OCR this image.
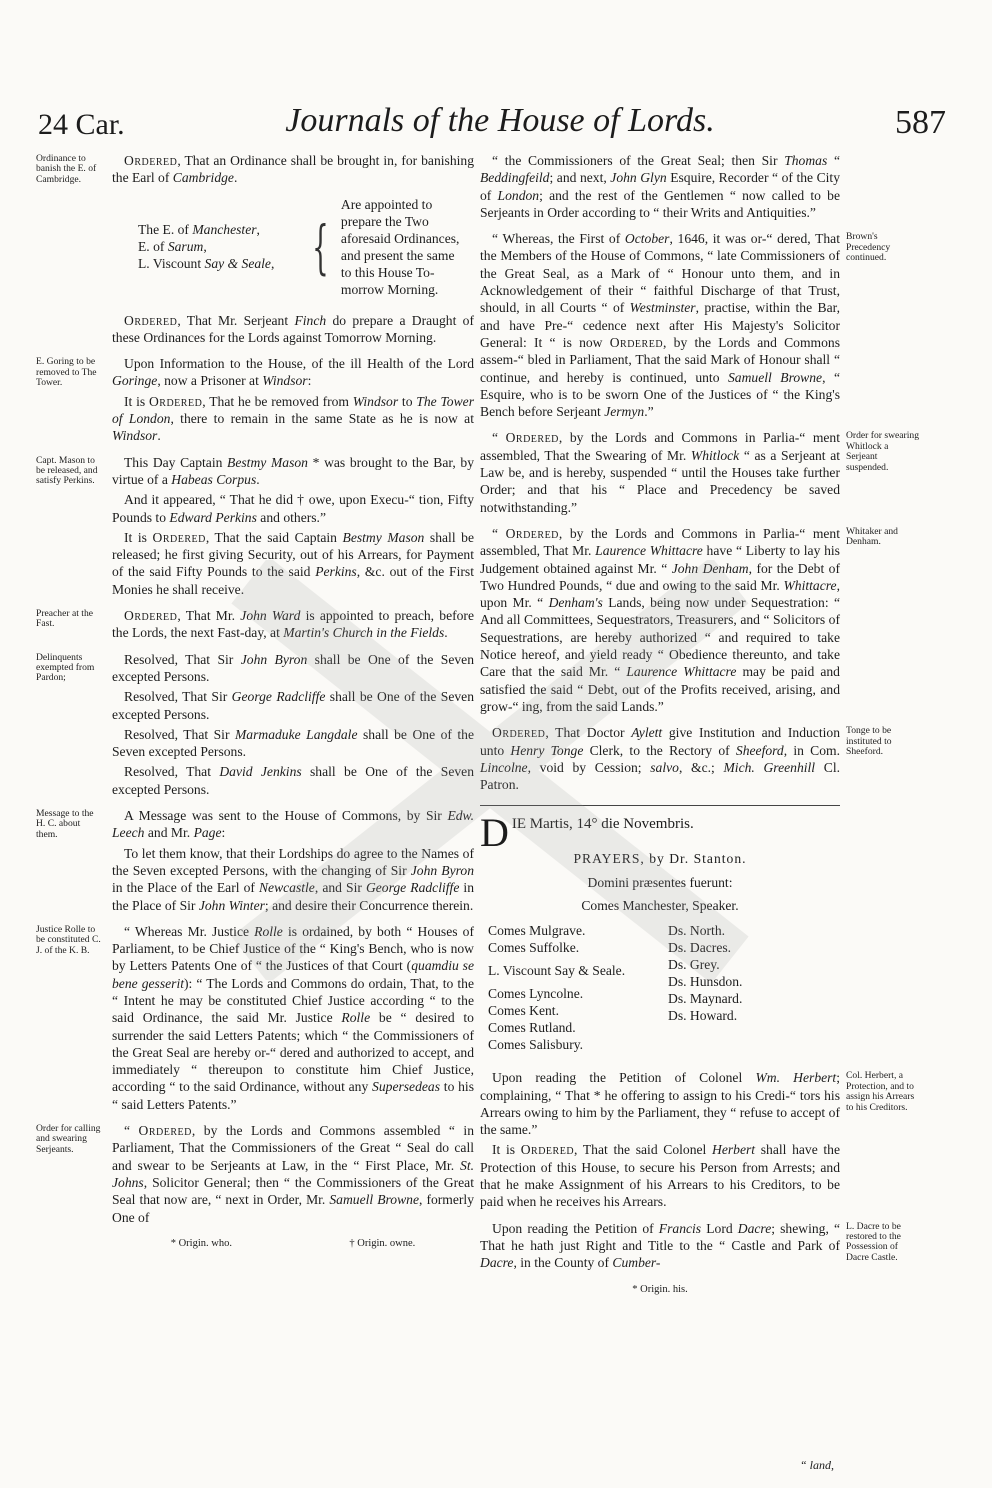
24 Car.	Journals of the House of Lords.	587
Ordinance to banish the E. of Cambridge.

Ordered, That an Ordinance shall be brought in, for banishing the Earl of Cambridge.

The E. of Manchester,
E. of Sarum,
L. Viscount Say & Seale, {
Are appointed to prepare the Two aforesaid Ordinances, and present the same to this House To-morrow Morning.

Ordered, That Mr. Serjeant Finch do prepare a Draught of these Ordinances for the Lords against Tomorrow Morning.

E. Goring to be removed to The Tower.

Upon Information to the House, of the ill Health of the Lord Goringe, now a Prisoner at Windsor:

It is Ordered, That he be removed from Windsor to The Tower of London, there to remain in the same State as he is now at Windsor.

Capt. Mason to be released, and satisfy Perkins.

This Day Captain Bestmy Mason * was brought to the Bar, by virtue of a Habeas Corpus.

And it appeared, “ That he did † owe, upon Execu-“ tion, Fifty Pounds to Edward Perkins and others.”

It is Ordered, That the said Captain Bestmy Mason shall be released; he first giving Security, out of his Arrears, for Payment of the said Fifty Pounds to the said Perkins, &c. out of the First Monies he shall receive.

Preacher at the Fast.

Ordered, That Mr. John Ward is appointed to preach, before the Lords, the next Fast-day, at Martin's Church in the Fields.

Delinquents exempted from Pardon;

Resolved, That Sir John Byron shall be One of the Seven excepted Persons.

Resolved, That Sir George Radcliffe shall be One of the Seven excepted Persons.

Resolved, That Sir Marmaduke Langdale shall be One of the Seven excepted Persons.

Resolved, That David Jenkins shall be One of the Seven excepted Persons.

Message to the H. C. about them.

A Message was sent to the House of Commons, by Sir Edw. Leech and Mr. Page:

To let them know, that their Lordships do agree to the Names of the Seven excepted Persons, with the changing of Sir John Byron in the Place of the Earl of Newcastle, and Sir George Radcliffe in the Place of Sir John Winter; and desire their Concurrence therein.

Justice Rolle to be constituted C. J. of the K. B.

“ Whereas Mr. Justice Rolle is ordained, by both “ Houses of Parliament, to be Chief Justice of the “ King's Bench, who is now by Letters Patents One of “ the Justices of that Court (quamdiu se bene gesserit): “ The Lords and Commons do ordain, That, to the “ Intent he may be constituted Chief Justice according “ to the said Ordinance, the said Mr. Justice Rolle be “ desired to surrender the said Letters Patents; which “ the Commissioners of the Great Seal are hereby or-“ dered and authorized to accept, and immediately “ thereupon to constitute him Chief Justice, according “ to the said Ordinance, without any Supersedeas to his “ said Letters Patents.”

Order for calling and swearing Serjeants.

“ Ordered, by the Lords and Commons assembled “ in Parliament, That the Commissioners of the Great “ Seal do call and swear to be Serjeants at Law, in the “ First Place, Mr. St. Johns, Solicitor General; then “ the Commissioners of the Great Seal that now are, “ next in Order, Mr. Samuell Browne, formerly One of

* Origin. who.	† Origin. owne.

“ the Commissioners of the Great Seal; then Sir Thomas “ Beddingfeild; and next, John Glyn Esquire, Recorder “ of the City of London; and the rest of the Gentlemen “ now called to be Serjeants in Order according to “ their Writs and Antiquities.”

Brown's Precedency continued.

“ Whereas, the First of October, 1646, it was or-“ dered, That the Members of the House of Commons, “ late Commissioners of the Great Seal, as a Mark of “ Honour unto them, and in Acknowledgement of their “ faithful Discharge of that Trust, should, in all Courts “ of Westminster, practise, within the Bar, and have Pre-“ cedence next after His Majesty's Solicitor General: It “ is now Ordered, by the Lords and Commons assem-“ bled in Parliament, That the said Mark of Honour shall “ continue, and hereby is continued, unto Samuell Browne, “ Esquire, who is to be sworn One of the Justices of “ the King's Bench before Serjeant Jermyn.”

Order for swearing Whitlock a Serjeant suspended.

“ Ordered, by the Lords and Commons in Parlia-“ ment assembled, That the Swearing of Mr. Whitlock “ as a Serjeant at Law be, and is hereby, suspended “ until the Houses take further Order; and that his “ Place and Precedency be saved notwithstanding.”

Whitaker and Denham.

“ Ordered, by the Lords and Commons in Parlia-“ ment assembled, That Mr. Laurence Whittacre have “ Liberty to lay his Judgement obtained against Mr. “ John Denham, for the Debt of Two Hundred Pounds, “ due and owing to the said Mr. Whittacre, upon Mr. “ Denham's Lands, being now under Sequestration: “ And all Committees, Sequestrators, Treasurers, and “ Solicitors of Sequestrations, are hereby authorized “ and required to take Notice hereof, and yield ready “ Obedience thereunto, and take Care that the said Mr. “ Laurence Whittacre may be paid and satisfied the said “ Debt, out of the Profits received, arising, and grow-“ ing, from the said Lands.”

Tonge to be instituted to Sheeford.

Ordered, That Doctor Aylett give Institution and Induction unto Henry Tonge Clerk, to the Rectory of Sheeford, in Com. Lincolne, void by Cession; salvo, &c.; Mich. Greenhill Cl. Patron.

DIE Martis, 14° die Novembris.
PRAYERS, by Dr. Stanton.
Domini præsentes fuerunt:
Comes Manchester, Speaker.
Comes Mulgrave.
Comes Suffolke.
L. Viscount Say & Seale.
Comes Lyncolne.
Comes Kent.
Comes Rutland.
Comes Salisbury.
Ds. North.
Ds. Dacres.
Ds. Grey.
Ds. Hunsdon.
Ds. Maynard.
Ds. Howard.
Col. Herbert, a Protection, and to assign his Arrears to his Creditors.

Upon reading the Petition of Colonel Wm. Herbert; complaining, “ That * he offering to assign to his Credi-“ tors his Arrears owing to him by the Parliament, they “ refuse to accept of the same.”

It is Ordered, That the said Colonel Herbert shall have the Protection of this House, to secure his Person from Arrests; and that he make Assignment of his Arrears to his Creditors, to be paid when he receives his Arrears.

L. Dacre to be restored to the Possession of Dacre Castle.

Upon reading the Petition of Francis Lord Dacre; shewing, “ That he hath just Right and Title to the “ Castle and Park of Dacre, in the County of Cumber-

* Origin. his.
“ land,
